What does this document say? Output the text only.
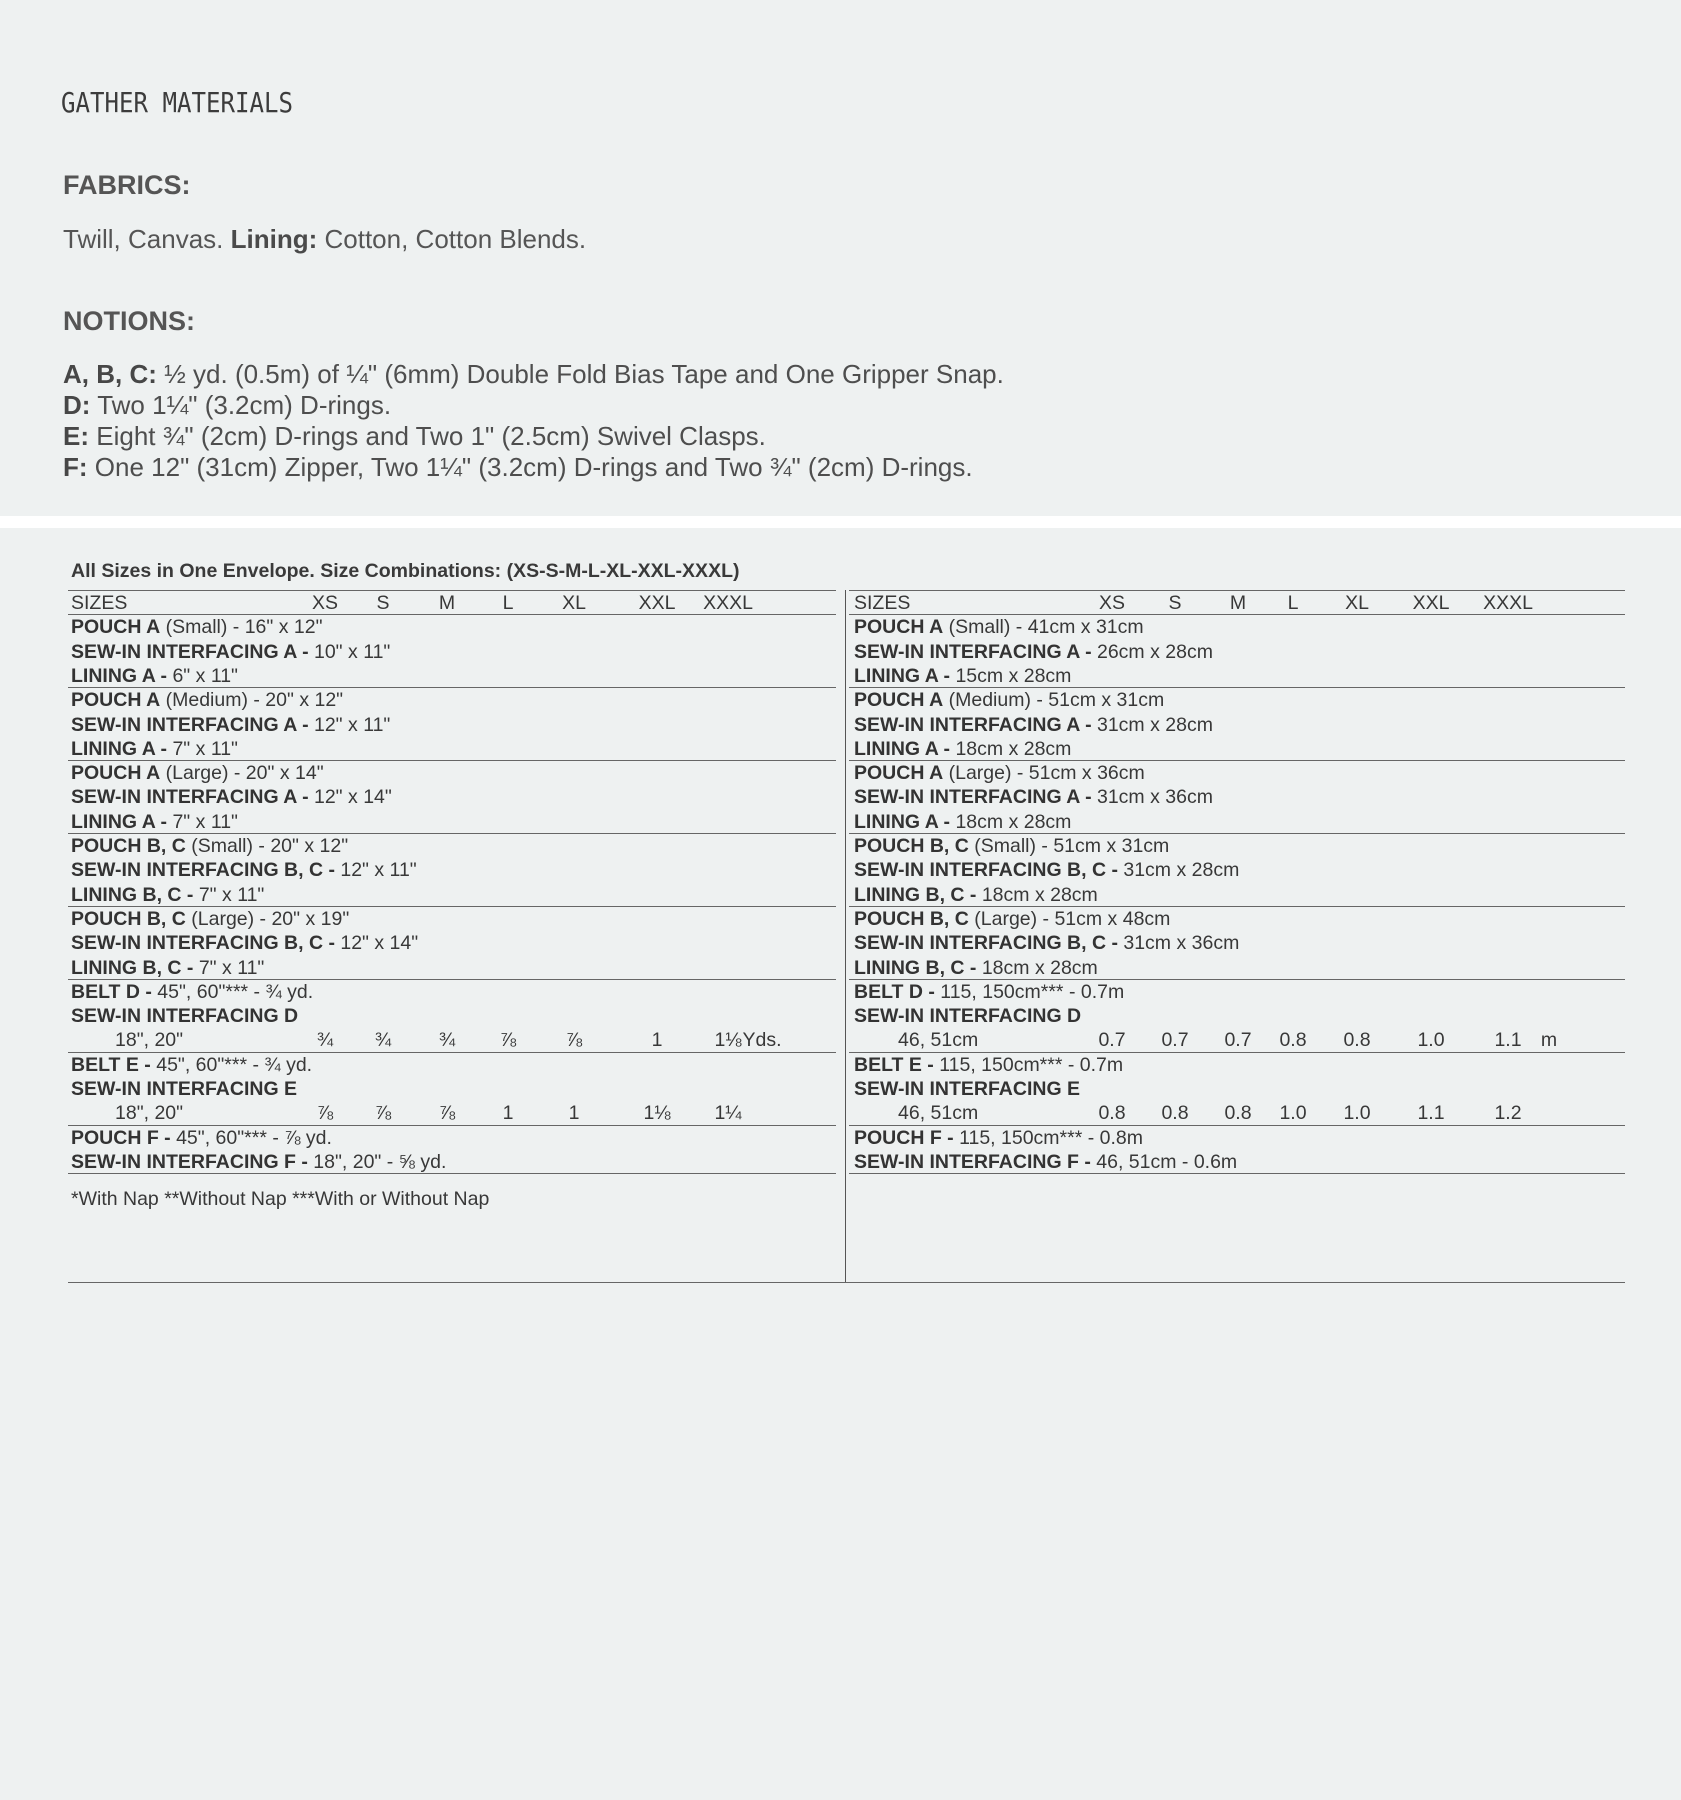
GATHER MATERIALS
FABRICS:

Twill, Canvas. Lining: Cotton, Cotton Blends.

NOTIONS:
A, B, C: ½ yd. (0.5m) of ¼" (6mm) Double Fold Bias Tape and One Gripper Snap.
D: Two 1¼" (3.2cm) D-rings.
E: Eight ¾" (2cm) D-rings and Two 1" (2.5cm) Swivel Clasps.
F: One 12" (31cm) Zipper, Two 1¼" (3.2cm) D-rings and Two ¾" (2cm) D-rings.
All Sizes in One Envelope. Size Combinations: (XS-S-M-L-XL-XXL-XXXL)
*With Nap **Without Nap ***With or Without Nap
SIZES	XS	S	M	L	XL	XXL	XXXL
POUCH A (Small) - 16" x 12"
SEW-IN INTERFACING A - 10" x 11"
LINING A - 6" x 11"
POUCH A (Medium) - 20" x 12"
SEW-IN INTERFACING A - 12" x 11"
LINING A - 7" x 11"
POUCH A (Large) - 20" x 14"
SEW-IN INTERFACING A - 12" x 14"
LINING A - 7" x 11"
POUCH B, C (Small) - 20" x 12"
SEW-IN INTERFACING B, C - 12" x 11"
LINING B, C - 7" x 11"
POUCH B, C (Large) - 20" x 19"
SEW-IN INTERFACING B, C - 12" x 14"
LINING B, C - 7" x 11"
BELT D - 45", 60"*** - ¾ yd.
SEW-IN INTERFACING D
18", 20"	¾	¾	¾	⅞	⅞	1	1⅛ Yds.
BELT E - 45", 60"*** - ¾ yd.
SEW-IN INTERFACING E
18", 20"	⅞	⅞	⅞	1	1	1⅛	1¼
POUCH F - 45", 60"*** - ⅞ yd.
SEW-IN INTERFACING F - 18", 20" - ⅝ yd.
SIZES	XS	S	M	L	XL	XXL	XXXL
POUCH A (Small) - 41cm x 31cm
SEW-IN INTERFACING A - 26cm x 28cm
LINING A - 15cm x 28cm
POUCH A (Medium) - 51cm x 31cm
SEW-IN INTERFACING A - 31cm x 28cm
LINING A - 18cm x 28cm
POUCH A (Large) - 51cm x 36cm
SEW-IN INTERFACING A - 31cm x 36cm
LINING A - 18cm x 28cm
POUCH B, C (Small) - 51cm x 31cm
SEW-IN INTERFACING B, C - 31cm x 28cm
LINING B, C - 18cm x 28cm
POUCH B, C (Large) - 51cm x 48cm
SEW-IN INTERFACING B, C - 31cm x 36cm
LINING B, C - 18cm x 28cm
BELT D - 115, 150cm*** - 0.7m
SEW-IN INTERFACING D
46, 51cm	0.7	0.7	0.7	0.8	0.8	1.0	1.1 m
BELT E - 115, 150cm*** - 0.7m
SEW-IN INTERFACING E
46, 51cm	0.8	0.8	0.8	1.0	1.0	1.1	1.2
POUCH F - 115, 150cm*** - 0.8m
SEW-IN INTERFACING F - 46, 51cm - 0.6m
